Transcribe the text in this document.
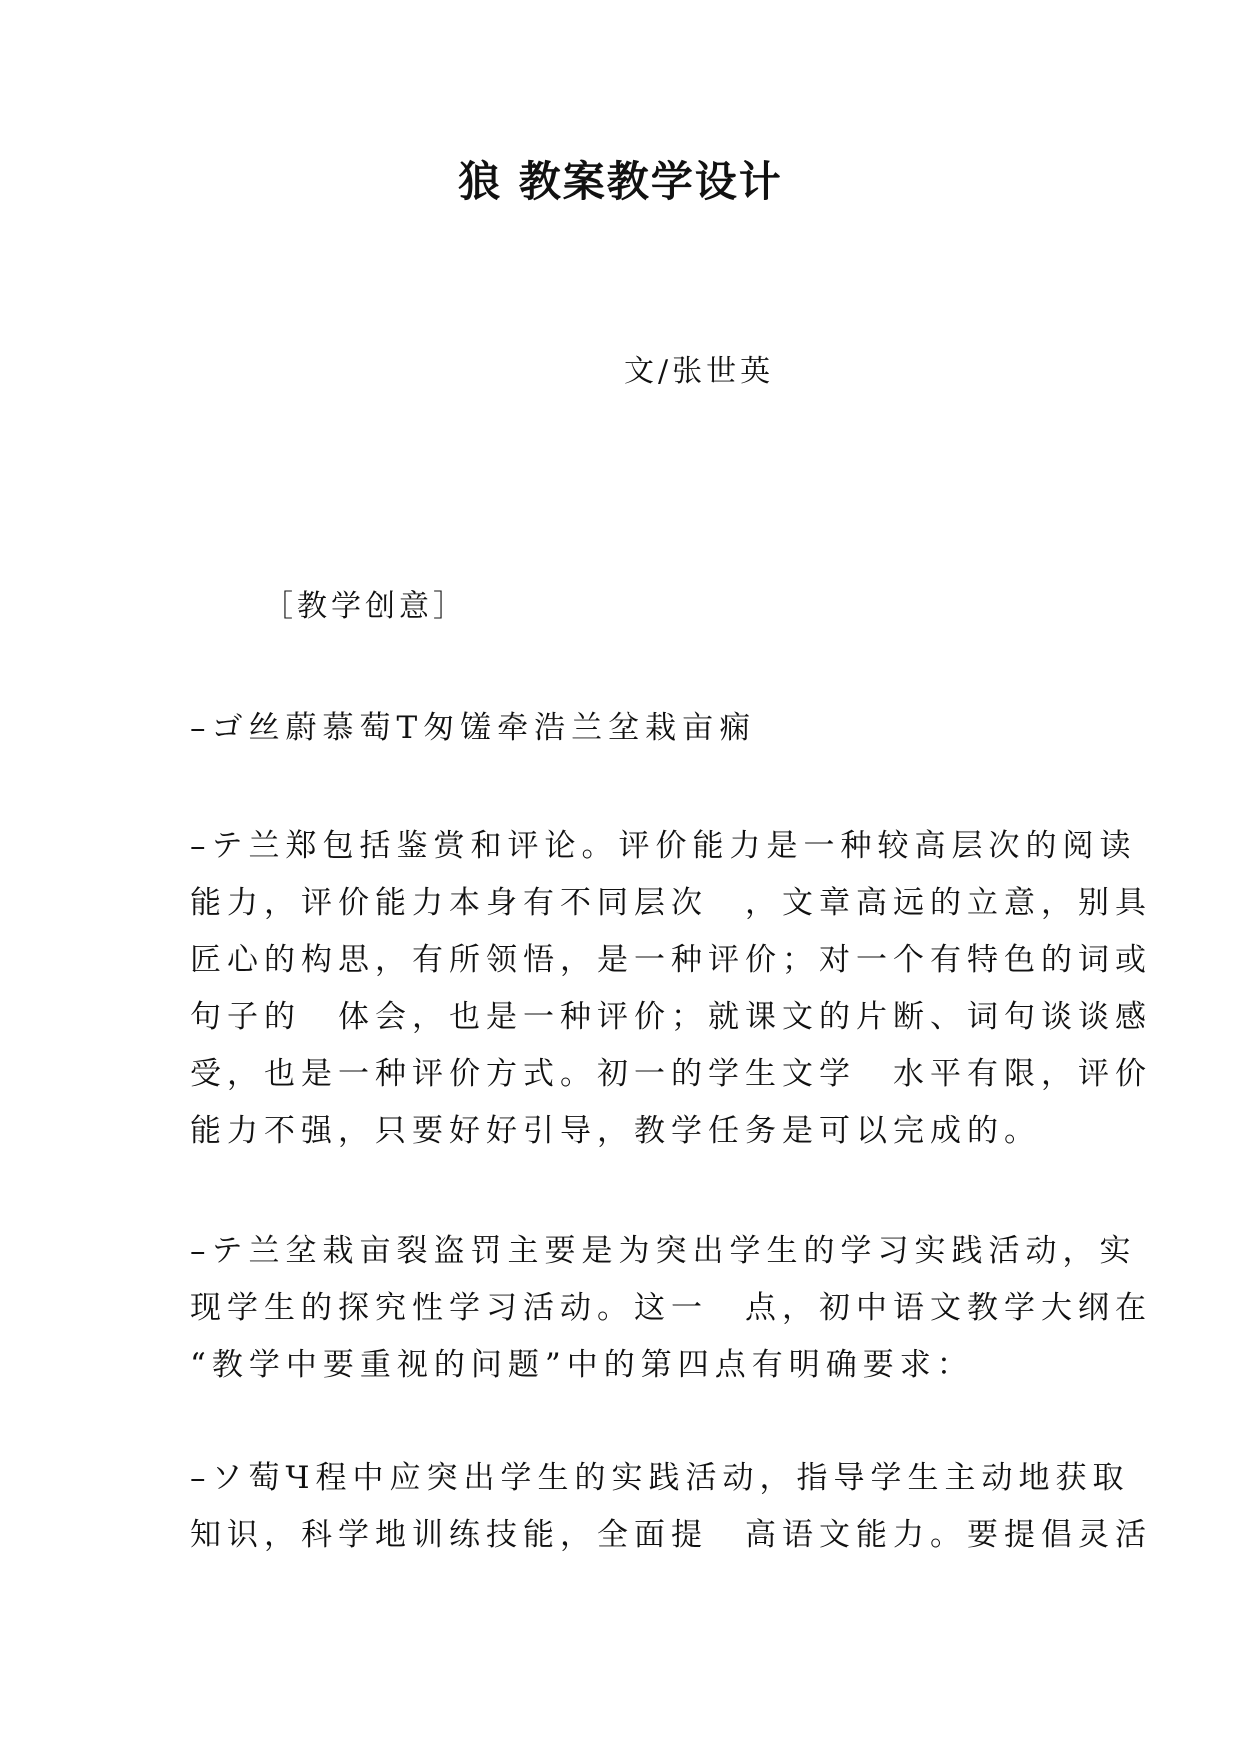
狼 教案教学设计
文/张世英
［教学创意］

–ゴ丝蔚慕萄T匆馐牵浩兰坌栽亩痫

–テ兰郑包括鉴赏和评论。评价能力是一种较高层次的阅读
能力，评价能力本身有不同层次　，文章高远的立意，别具
匠心的构思，有所领悟，是一种评价；对一个有特色的词或
句子的　体会，也是一种评价；就课文的片断、词句谈谈感
受，也是一种评价方式。初一的学生文学　水平有限，评价
能力不强，只要好好引导，教学任务是可以完成的。

–テ兰坌栽亩裂盗罚主要是为突出学生的学习实践活动，实
现学生的探究性学习活动。这一　点，初中语文教学大纲在
“教学中要重视的问题”中的第四点有明确要求：

–ソ萄Ч程中应突出学生的实践活动，指导学生主动地获取
知识，科学地训练技能，全面提　高语文能力。要提倡灵活
